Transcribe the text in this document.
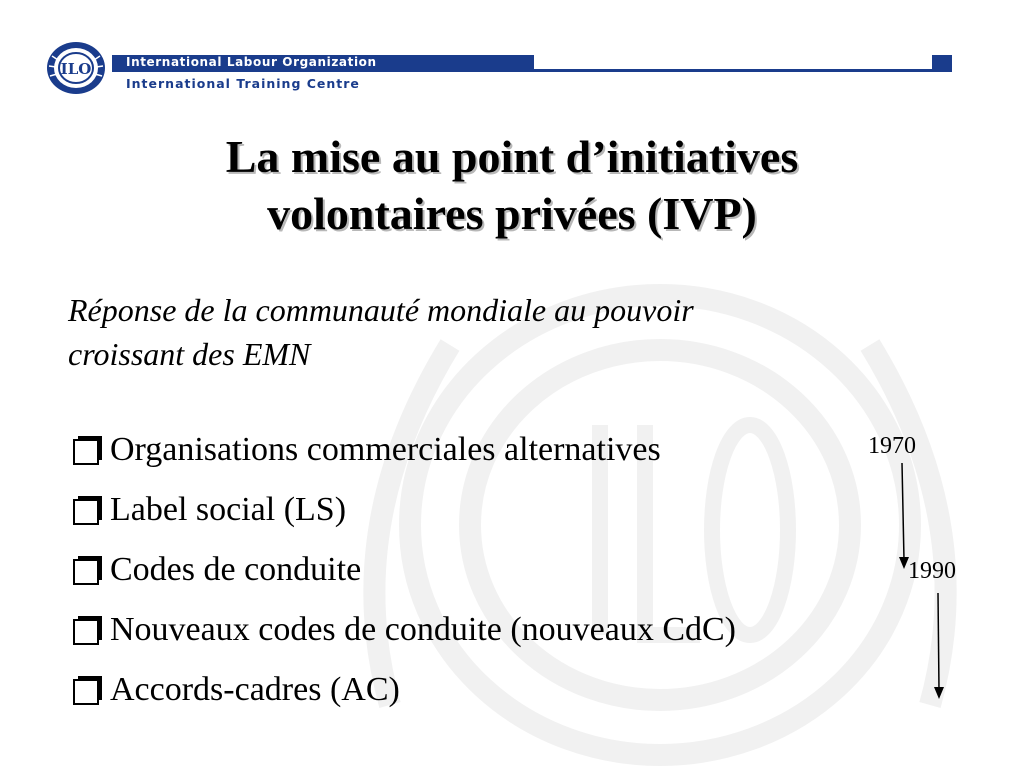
ILO	International Labour Organization
International Training Centre
La mise au point d’initiatives
volontaires privées (IVP)
Réponse de la communauté mondiale au pouvoir
croissant des EMN
Organisations commerciales alternatives
Label social (LS)
Codes de conduite
Nouveaux codes de conduite (nouveaux CdC)
Accords-cadres (AC)
1970
1990
